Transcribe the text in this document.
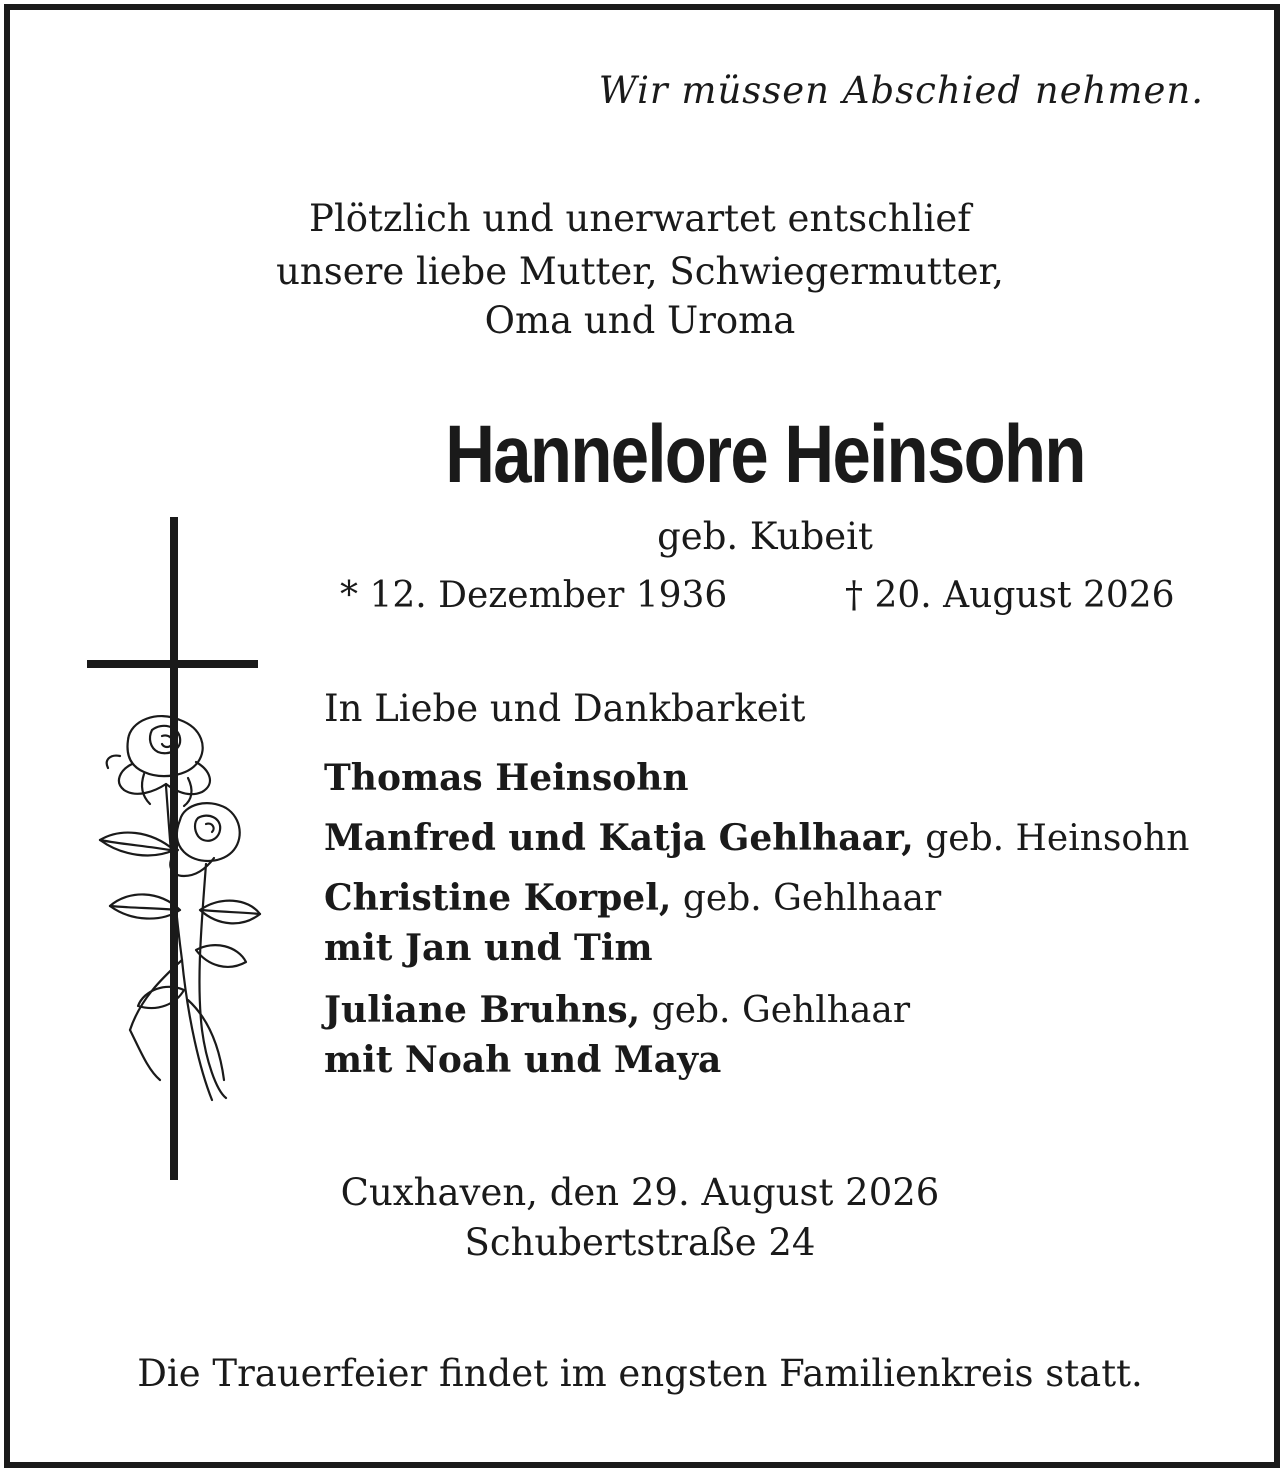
Wir müssen Abschied nehmen.
Plötzlich und unerwartet entschlief
unsere liebe Mutter, Schwiegermutter,
Oma und Uroma
Hannelore Heinsohn
geb. Kubeit
* 12. Dezember 1936	† 20. August 2026
In Liebe und Dankbarkeit
Thomas Heinsohn
Manfred und Katja Gehlhaar, geb. Heinsohn
Christine Korpel, geb. Gehlhaar
mit Jan und Tim
Juliane Bruhns, geb. Gehlhaar
mit Noah und Maya
Cuxhaven, den 29. August 2026
Schubertstraße 24
Die Trauerfeier findet im engsten Familienkreis statt.
